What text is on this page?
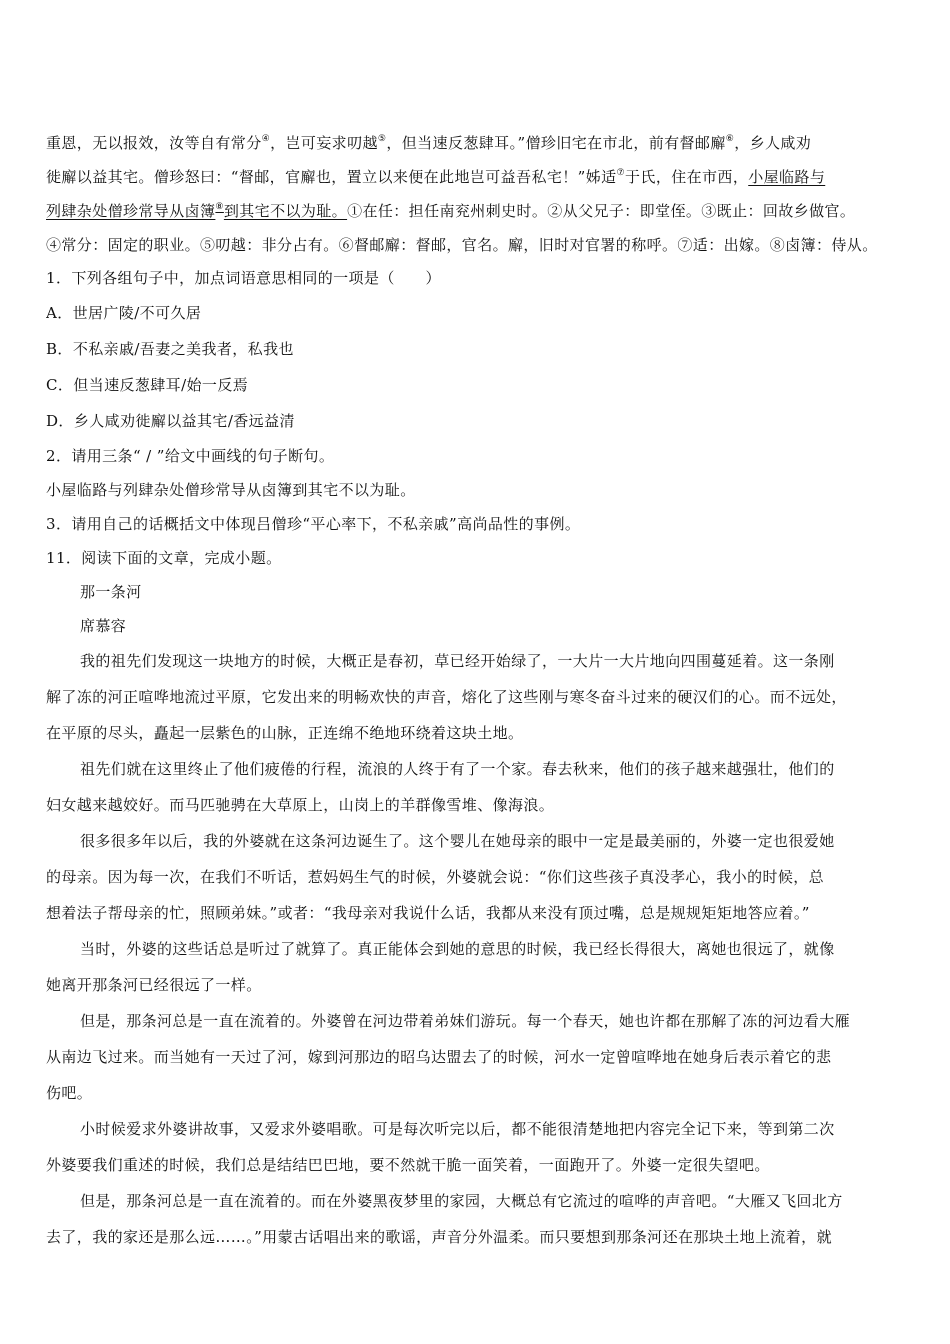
重恩，无以报效，汝等自有常分④，岂可妄求叨越⑤，但当速反葱肆耳。”僧珍旧宅在市北，前有督邮廨⑥，乡人咸劝
徙廨以益其宅。僧珍怒曰：“督邮，官廨也，置立以来便在此地岂可益吾私宅！”姊适⑦于氏，住在市西，小屋临路与
列肆杂处僧珍常导从卤簿⑧到其宅不以为耻。①在任：担任南兖州刺史时。②从父兄子：即堂侄。③既止：回故乡做官。
④常分：固定的职业。⑤叨越：非分占有。⑥督邮廨：督邮，官名。廨，旧时对官署的称呼。⑦适：出嫁。⑧卤簿：侍从。
1．下列各组句子中，加点词语意思相同的一项是（　　）
A．世居广陵/不可久居
B．不私亲戚/吾妻之美我者，私我也
C．但当速反葱肆耳/始一反焉
D．乡人咸劝徙廨以益其宅/香远益清
2．请用三条“ / ”给文中画线的句子断句。
小屋临路与列肆杂处僧珍常导从卤簿到其宅不以为耻。
3．请用自己的话概括文中体现吕僧珍“平心率下，不私亲戚”高尚品性的事例。
11．阅读下面的文章，完成小题。
那一条河
席慕容
我的祖先们发现这一块地方的时候，大概正是春初，草已经开始绿了，一大片一大片地向四围蔓延着。这一条刚
解了冻的河正喧哗地流过平原，它发出来的明畅欢快的声音，熔化了这些刚与寒冬奋斗过来的硬汉们的心。而不远处，
在平原的尽头，矗起一层紫色的山脉，正连绵不绝地环绕着这块土地。
祖先们就在这里终止了他们疲倦的行程，流浪的人终于有了一个家。春去秋来，他们的孩子越来越强壮，他们的
妇女越来越姣好。而马匹驰骋在大草原上，山岗上的羊群像雪堆、像海浪。
很多很多年以后，我的外婆就在这条河边诞生了。这个婴儿在她母亲的眼中一定是最美丽的，外婆一定也很爱她
的母亲。因为每一次，在我们不听话，惹妈妈生气的时候，外婆就会说：“你们这些孩子真没孝心，我小的时候，总
想着法子帮母亲的忙，照顾弟妹。”或者：“我母亲对我说什么话，我都从来没有顶过嘴，总是规规矩矩地答应着。”
当时，外婆的这些话总是听过了就算了。真正能体会到她的意思的时候，我已经长得很大，离她也很远了，就像
她离开那条河已经很远了一样。
但是，那条河总是一直在流着的。外婆曾在河边带着弟妹们游玩。每一个春天，她也许都在那解了冻的河边看大雁
从南边飞过来。而当她有一天过了河，嫁到河那边的昭乌达盟去了的时候，河水一定曾喧哗地在她身后表示着它的悲
伤吧。
小时候爱求外婆讲故事，又爱求外婆唱歌。可是每次听完以后，都不能很清楚地把内容完全记下来，等到第二次
外婆要我们重述的时候，我们总是结结巴巴地，要不然就干脆一面笑着，一面跑开了。外婆一定很失望吧。
但是，那条河总是一直在流着的。而在外婆黑夜梦里的家园，大概总有它流过的喧哗的声音吧。“大雁又飞回北方
去了，我的家还是那么远……。”用蒙古话唱出来的歌谣，声音分外温柔。而只要想到那条河还在那块土地上流着，就
